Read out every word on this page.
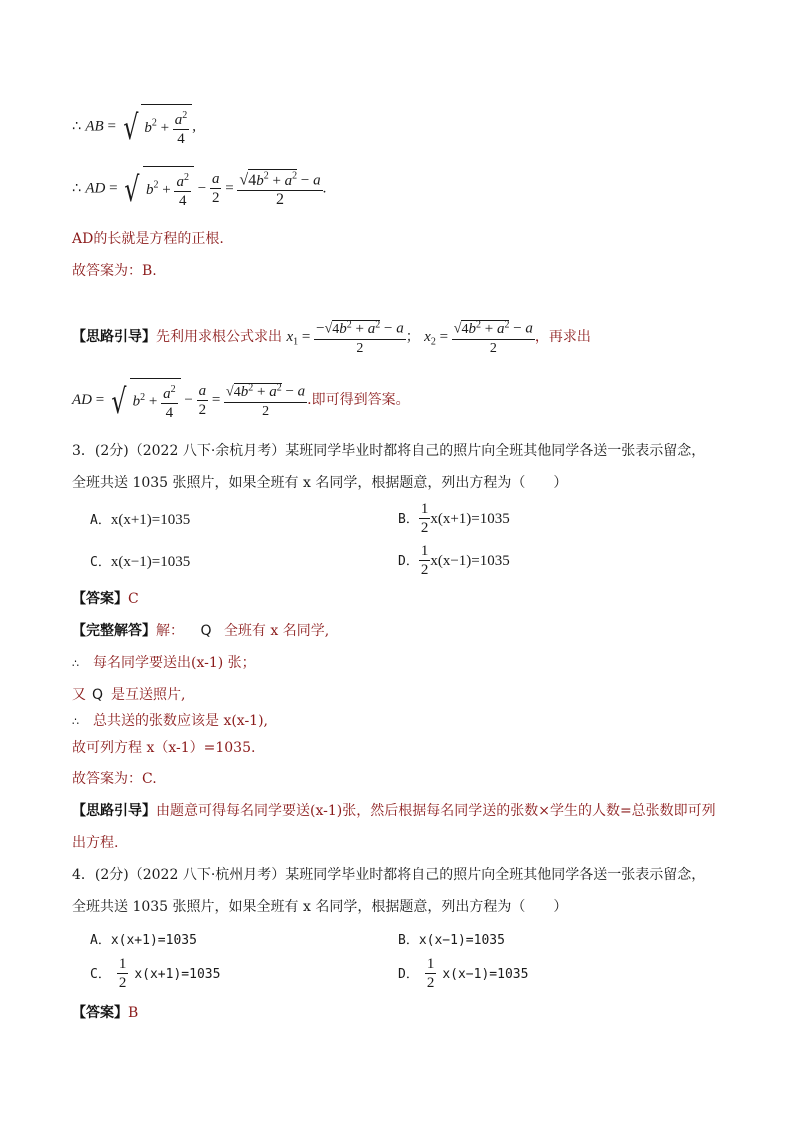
∴ AB = √ $b^2 + \frac{a^2}{4}$ ,
∴ AD = √ $b^2 + \frac{a^2}{4} - \frac{a}{2} = \frac{√4b^2 + a^2 - a}{2}$ .
AD的长就是方程的正根.
故答案为：B.
【思路引导】先利用求根公式求出 $x_1 = \frac{-√4b^2 + a^2 - a}{2}$ ； $x_2 = \frac{√4b^2 + a^2 - a}{2}$ ，再求出
AD = √ $b^2 + \frac{a^2}{4} - \frac{a}{2} = \frac{√4b^2 + a^2 - a}{2}$ .即可得到答案。
3．(2分)（2022 八下·余杭月考）某班同学毕业时都将自己的照片向全班其他同学各送一张表示留念，
全班共送 1035 张照片，如果全班有 x 名同学，根据题意，列出方程为（　　）
A．x(x+1)=1035	B． $\frac{1}{2} x(x+1)=1035$
C．x(x−1)=1035	D． $\frac{1}{2} x(x-1)=1035$
【答案】C
【完整解答】解： Q 全班有 x 名同学,
∴ 每名同学要送出(x-1) 张；
又 Q 是互送照片,
∴ 总共送的张数应该是 x(x-1),
故可列方程 x（x-1）=1035.
故答案为：C.
【思路引导】由题意可得每名同学要送(x-1)张，然后根据每名同学送的张数×学生的人数=总张数即可列
出方程.
4．(2分)（2022 八下·杭州月考）某班同学毕业时都将自己的照片向全班其他同学各送一张表示留念，
全班共送 1035 张照片，如果全班有 x 名同学，根据题意，列出方程为（　　）
A．x(x+1)=1035	B．x(x−1)=1035
C． $\frac{1}{2} x(x+1)=1035$	D． $\frac{1}{2} x(x-1)=1035$
【答案】B
